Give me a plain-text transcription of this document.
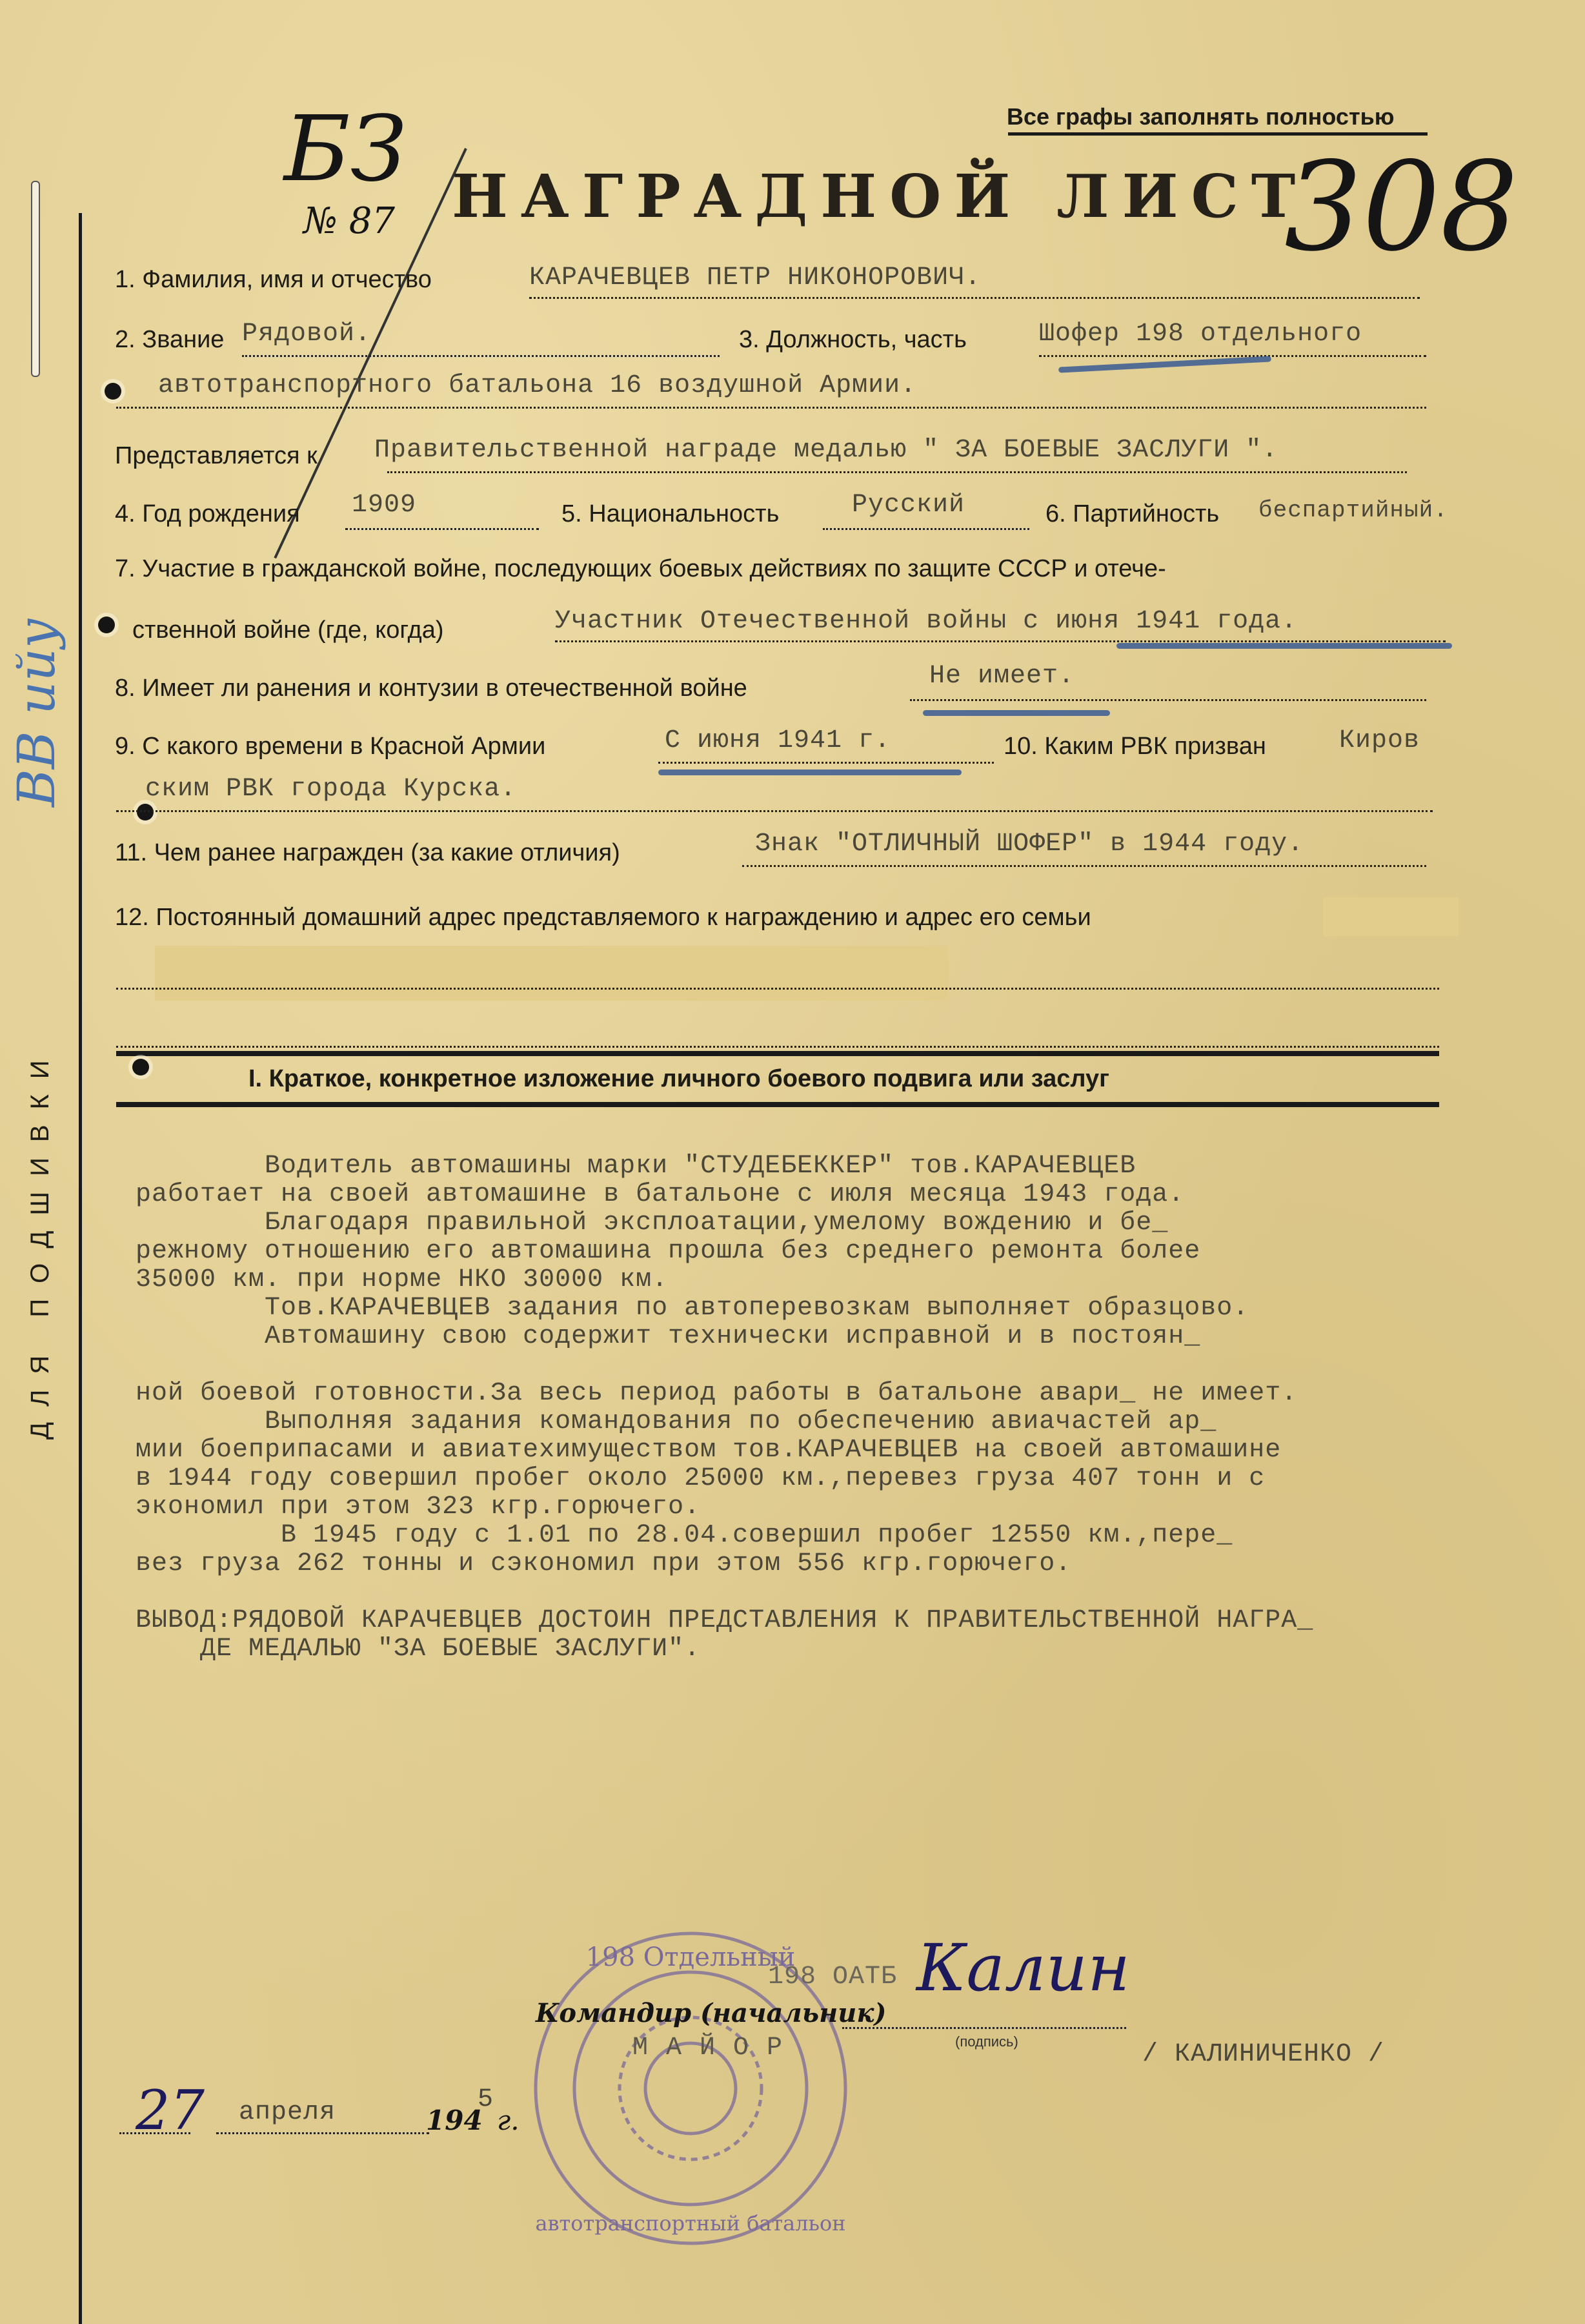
ДЛЯ ПОДШИВКИ
ВВ ийу
Все графы заполнять полностью
БЗ
№ 87	308
НАГРАДНОЙ ЛИСТ
1. Фамилия, имя и отчество	КАРАЧЕВЦЕВ ПЕТР НИКОНОРОВИЧ.
2. Звание Рядовой.	3. Должность, часть	Шофер 198 отдельного
автотранспортного батальона 16 воздушной Армии.
Представляется к Правительственной награде медалью " ЗА БОЕВЫЕ ЗАСЛУГИ ".
4. Год рождения 1909	5. Национальность	Русский	6. Партийность беспартийный.
7. Участие в гражданской войне, последующих боевых действиях по защите СССР и отече-
ственной войне (где, когда)	Участник Отечественной войны с июня 1941 года.
8. Имеет ли ранения и контузии в отечественной войне	Не имеет.
9. С какого времени в Красной Армии	С июня 1941 г.	10. Каким РВК призван	Киров
ским РВК города Курска.
11. Чем ранее награжден (за какие отличия)	Знак "ОТЛИЧНЫЙ ШОФЕР" в 1944 году.
12. Постоянный домашний адрес представляемого к награждению и адрес его семьи
I. Краткое, конкретное изложение личного боевого подвига или заслуг
Водитель автомашины марки "СТУДЕБЕККЕР" тов.КАРАЧЕВЦЕВ
работает на своей автомашине в батальоне с июля месяца 1943 года.
Благодаря правильной эксплоатации,умелому вождению и бе_
режному отношению его автомашина прошла без среднего ремонта более
35000 км. при норме НКО 30000 км.
Тов.КАРАЧЕВЦЕВ задания по автоперевозкам выполняет образцово.
Автомашину свою содержит технически исправной и в постоян_
ной боевой готовности.За весь период работы в батальоне авари_ не имеет.
Выполняя задания командования по обеспечению авиачастей ар_
мии боеприпасами и авиатехимуществом тов.КАРАЧЕВЦЕВ на своей автомашине
в 1944 году совершил пробег около 25000 км.,перевез груза 407 тонн и с
экономил при этом 323 кгр.горючего.
В 1945 году с 1.01 по 28.04.совершил пробег 12550 км.,пере_
вез груза 262 тонны и сэкономил при этом 556 кгр.горючего.
ВЫВОД:РЯДОВОЙ КАРАЧЕВЦЕВ ДОСТОИН ПРЕДСТАВЛЕНИЯ К ПРАВИТЕЛЬСТВЕННОЙ НАГРА_
ДЕ МЕДАЛЬЮ "ЗА БОЕВЫЕ ЗАСЛУГИ".
198 Отдельный
автотранспортный батальон
198 ОАТБ
Командир (начальник)
Калин
(подпись)
МАЙОР	/ КАЛИНИЧЕНКО /
27 апреля	194
5
г.
